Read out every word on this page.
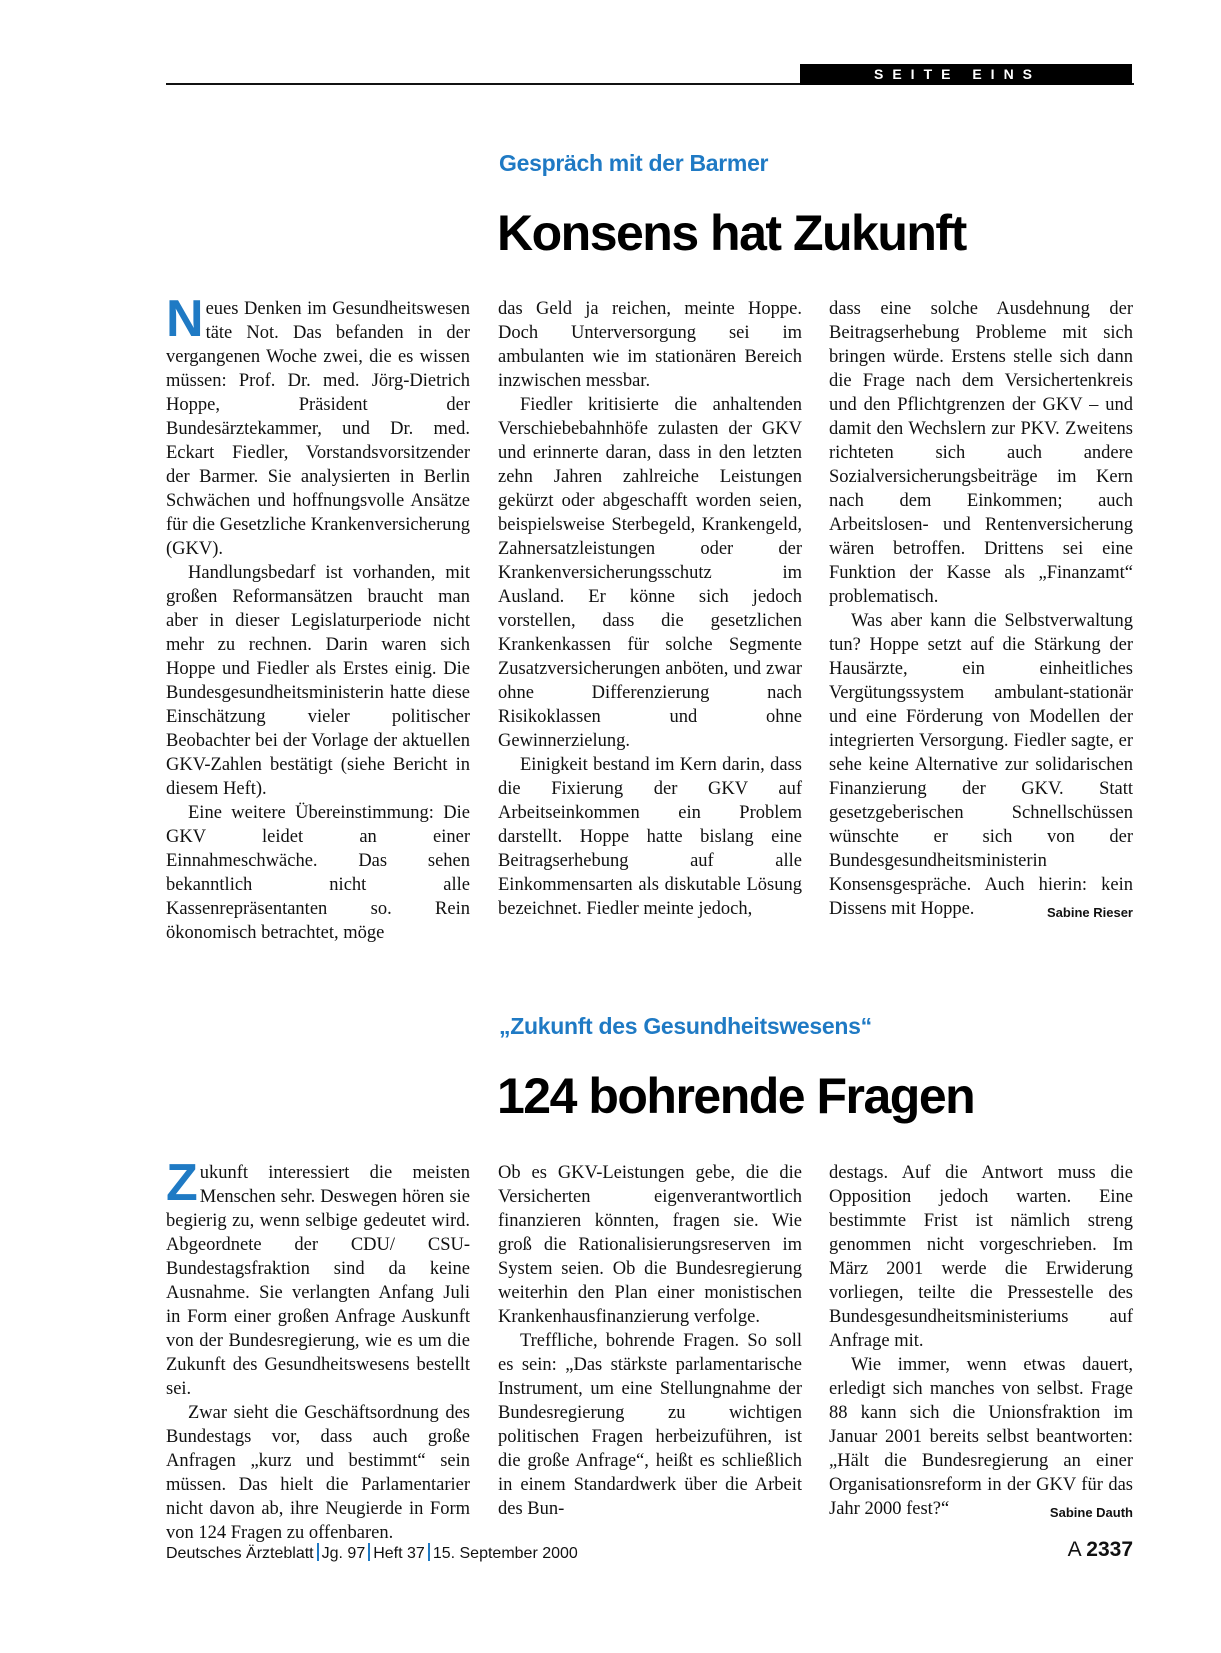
SEITE EINS
Gespräch mit der Barmer
Konsens hat Zukunft

Neues Denken im Gesundheitswesen täte Not. Das befanden in der vergangenen Woche zwei, die es wissen müssen: Prof. Dr. med. Jörg-Dietrich Hoppe, Präsident der Bundesärztekammer, und Dr. med. Eckart Fiedler, Vorstandsvorsitzender der Barmer. Sie analysierten in Berlin Schwächen und hoffnungsvolle Ansätze für die Gesetzliche Krankenversicherung (GKV).

Handlungsbedarf ist vorhanden, mit großen Reformansätzen braucht man aber in dieser Legislaturperiode nicht mehr zu rechnen. Darin waren sich Hoppe und Fiedler als Erstes einig. Die Bundesgesundheitsministerin hatte diese Einschätzung vieler politischer Beobachter bei der Vorlage der aktuellen GKV-Zahlen bestätigt (siehe Bericht in diesem Heft).

Eine weitere Übereinstimmung: Die GKV leidet an einer Einnahmeschwäche. Das sehen bekanntlich nicht alle Kassenrepräsentanten so. Rein ökonomisch betrachtet, möge

das Geld ja reichen, meinte Hoppe. Doch Unterversorgung sei im ambulanten wie im stationären Bereich inzwischen messbar.

Fiedler kritisierte die anhaltenden Verschiebebahnhöfe zulasten der GKV und erinnerte daran, dass in den letzten zehn Jahren zahlreiche Leistungen gekürzt oder abgeschafft worden seien, beispielsweise Sterbegeld, Krankengeld, Zahnersatzleistungen oder der Krankenversicherungsschutz im Ausland. Er könne sich jedoch vorstellen, dass die gesetzlichen Krankenkassen für solche Segmente Zusatzversicherungen anböten, und zwar ohne Differenzierung nach Risikoklassen und ohne Gewinnerzielung.

Einigkeit bestand im Kern darin, dass die Fixierung der GKV auf Arbeitseinkommen ein Problem darstellt. Hoppe hatte bislang eine Beitragserhebung auf alle Einkommensarten als diskutable Lösung bezeichnet. Fiedler meinte jedoch,

dass eine solche Ausdehnung der Beitragserhebung Probleme mit sich bringen würde. Erstens stelle sich dann die Frage nach dem Versichertenkreis und den Pflichtgrenzen der GKV – und damit den Wechslern zur PKV. Zweitens richteten sich auch andere Sozialversicherungsbeiträge im Kern nach dem Einkommen; auch Arbeitslosen- und Rentenversicherung wären betroffen. Drittens sei eine Funktion der Kasse als „Finanzamt“ problematisch.

Was aber kann die Selbstverwaltung tun? Hoppe setzt auf die Stärkung der Hausärzte, ein einheitliches Vergütungssystem ambulant-stationär und eine Förderung von Modellen der integrierten Versorgung. Fiedler sagte, er sehe keine Alternative zur solidarischen Finanzierung der GKV. Statt gesetzgeberischen Schnellschüssen wünschte er sich von der Bundesgesundheitsministerin Konsensgespräche. Auch hierin: kein Dissens mit Hoppe.	Sabine Rieser

„Zukunft des Gesundheitswesens“
124 bohrende Fragen

Zukunft interessiert die meisten Menschen sehr. Deswegen hören sie begierig zu, wenn selbige gedeutet wird. Abgeordnete der CDU/ CSU-Bundestagsfraktion sind da keine Ausnahme. Sie verlangten Anfang Juli in Form einer großen Anfrage Auskunft von der Bundesregierung, wie es um die Zukunft des Gesundheitswesens bestellt sei.

Zwar sieht die Geschäftsordnung des Bundestags vor, dass auch große Anfragen „kurz und bestimmt“ sein müssen. Das hielt die Parlamentarier nicht davon ab, ihre Neugierde in Form von 124 Fragen zu offenbaren.

Ob es GKV-Leistungen gebe, die die Versicherten eigenverantwortlich finanzieren könnten, fragen sie. Wie groß die Rationalisierungsreserven im System seien. Ob die Bundesregierung weiterhin den Plan einer monistischen Krankenhausfinanzierung verfolge.

Treffliche, bohrende Fragen. So soll es sein: „Das stärkste parlamentarische Instrument, um eine Stellungnahme der Bundesregierung zu wichtigen politischen Fragen herbeizuführen, ist die große Anfrage“, heißt es schließlich in einem Standardwerk über die Arbeit des Bun-

destags. Auf die Antwort muss die Opposition jedoch warten. Eine bestimmte Frist ist nämlich streng genommen nicht vorgeschrieben. Im März 2001 werde die Erwiderung vorliegen, teilte die Pressestelle des Bundesgesundheitsministeriums auf Anfrage mit.

Wie immer, wenn etwas dauert, erledigt sich manches von selbst. Frage 88 kann sich die Unionsfraktion im Januar 2001 bereits selbst beantworten: „Hält die Bundesregierung an einer Organisationsreform in der GKV für das Jahr 2000 fest?“	Sabine Dauth

Deutsches Ärzteblatt Jg. 97 Heft 37 15. September 2000	A 2337
